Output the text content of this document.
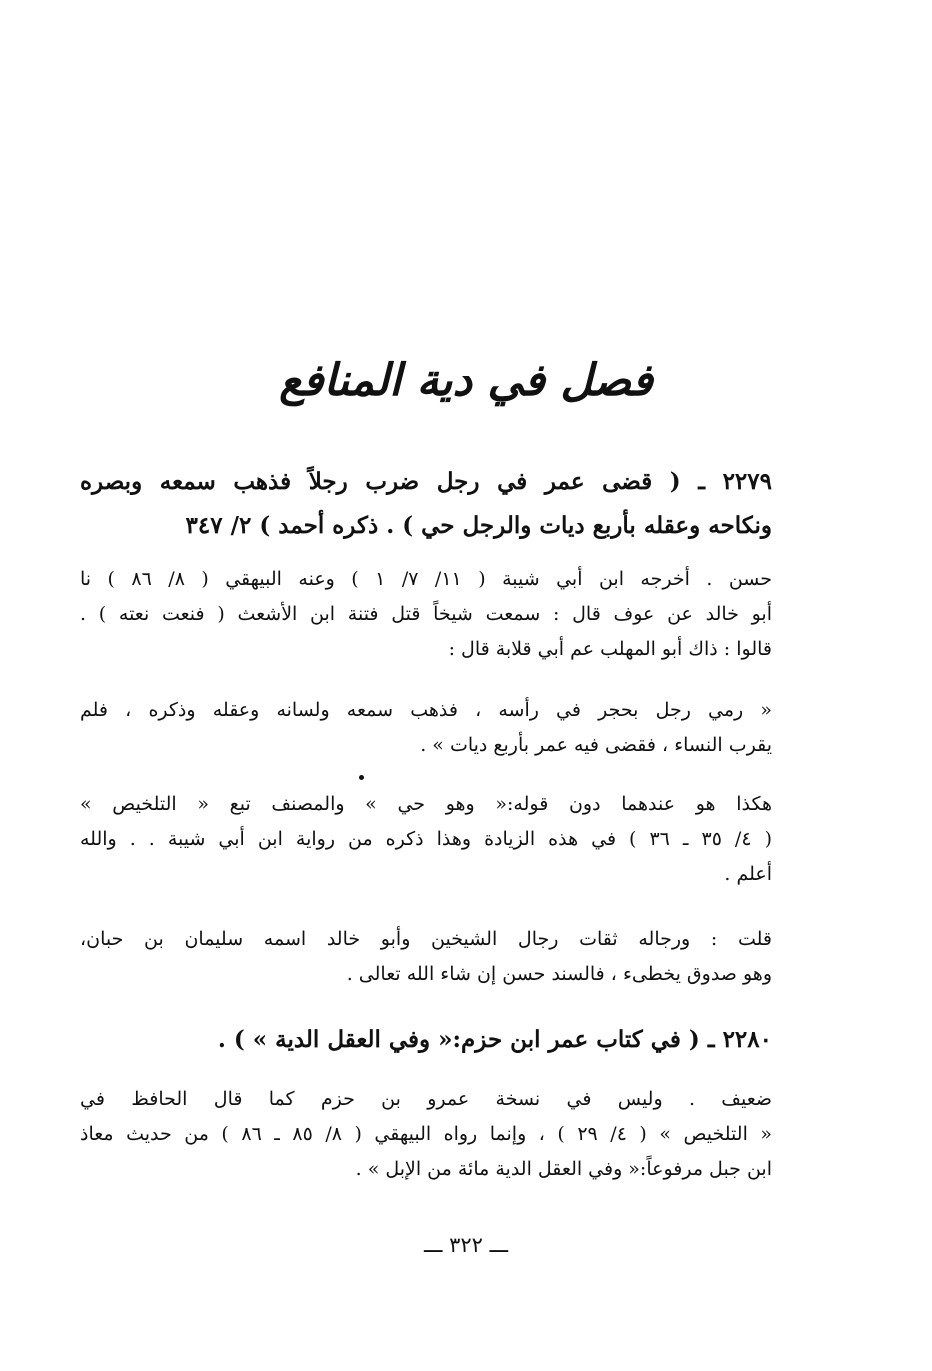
فصل في دية المنافع
٢٢٧٩ ـ ( قضى عمر في رجل ضرب رجلاً فذهب سمعه وبصره
ونكاحه وعقله بأربع ديات والرجل حي ) . ذكره أحمد ) ٢/ ٣٤٧
حسن . أخرجه ابن أبي شيبة ( ١١/ ٧/ ١ ) وعنه البيهقي ( ٨/ ٨٦ ) نا
أبو خالد عن عوف قال : سمعت شيخاً قتل فتنة ابن الأشعث ( فنعت نعته ) .
قالوا : ذاك أبو المهلب عم أبي قلابة قال :
« رمي رجل بحجر في رأسه ، فذهب سمعه ولسانه وعقله وذكره ، فلم
يقرب النساء ، فقضى فيه عمر بأربع ديات » .
هكذا هو عندهما دون قوله:« وهو حي » والمصنف تبع « التلخيص »
( ٤/ ٣٥ ـ ٣٦ ) في هذه الزيادة وهذا ذكره من رواية ابن أبي شيبة . . والله
أعلم .
قلت : ورجاله ثقات رجال الشيخين وأبو خالد اسمه سليمان بن حبان،
وهو صدوق يخطىء ، فالسند حسن إن شاء الله تعالى .
٢٢٨٠ ـ ( في كتاب عمر ابن حزم:« وفي العقل الدية » ) .
ضعيف . وليس في نسخة عمرو بن حزم كما قال الحافظ في
« التلخيص » ( ٤/ ٢٩ ) ، وإنما رواه البيهقي ( ٨/ ٨٥ ـ ٨٦ ) من حديث معاذ
ابن جبل مرفوعاً:« وفي العقل الدية مائة من الإبل » .
ـــ ٣٢٢ ـــ
